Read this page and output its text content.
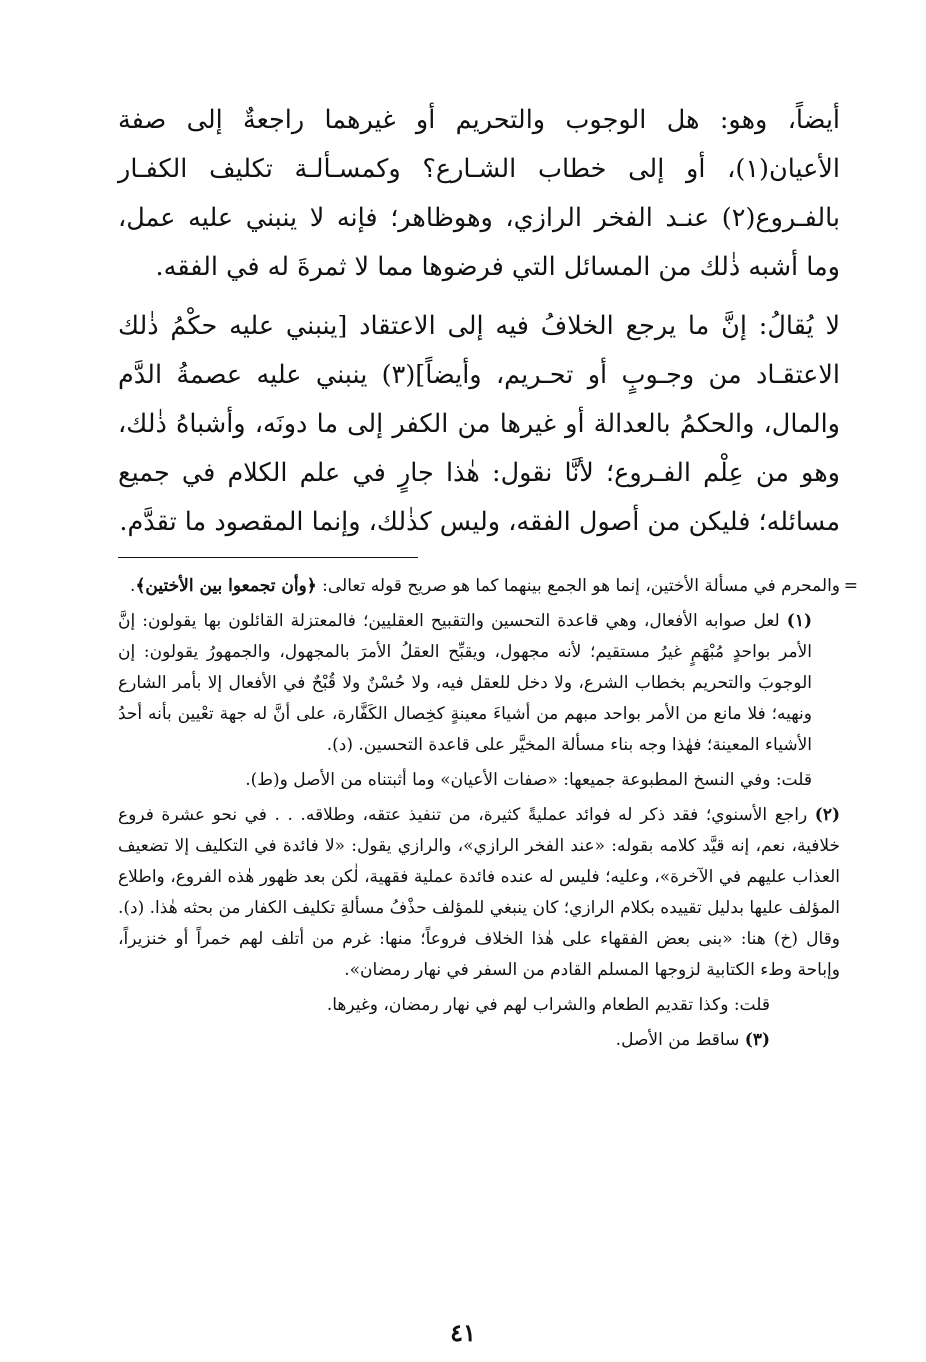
أيضاً، وهو: هل الوجوب والتحريم أو غيرهما راجعةٌ إلى صفة الأعيان(١)، أو إلى خطاب الشـارع؟ وكمسـألـة تكليف الكفـار بالفـروع(٢) عنـد الفخر الرازي، وهوظاهر؛ فإنه لا ينبني عليه عمل، وما أشبه ذٰلك من المسائل التي فرضوها مما لا ثمرةَ له في الفقه.

لا يُقالُ: إنَّ ما يرجع الخلافُ فيه إلى الاعتقاد [ينبني عليه حكْمُ ذٰلك الاعتقـاد من وجـوبٍ أو تحـريم، وأيضاً](٣) ينبني عليه عصمةُ الدَّم والمال، والحكمُ بالعدالة أو غيرها من الكفر إلى ما دونَه، وأشباهُ ذٰلك، وهو من عِلْم الفـروع؛ لأنَّا نقول: هٰذا جارٍ في علم الكلام في جميع مسائله؛ فليكن من أصول الفقه، وليس كذٰلك، وإنما المقصود ما تقدَّم.

=
والمحرم في مسألة الأختين، إنما هو الجمع بينهما كما هو صريح قوله تعالى: ﴿وأن تجمعوا بين الأختين﴾.
(١) لعل صوابه الأفعال، وهي قاعدة التحسين والتقبيح العقليين؛ فالمعتزلة القائلون بها يقولون: إنَّ الأمر بواحدٍ مُبْهَمٍ غيرُ مستقيم؛ لأنه مجهول، ويقبِّح العقلُ الأمرَ بالمجهول، والجمهورُ يقولون: إن الوجوبَ والتحريم بخطاب الشرع، ولا دخل للعقل فيه، ولا حُسْنٌ ولا قُبْحٌ في الأفعال إلا بأمر الشارع ونهيه؛ فلا مانع من الأمر بواحد مبهم من أشياءَ معينةٍ كخِصال الكَفَّارة، على أنَّ له جهة تعْيين بأنه أحدُ الأشياء المعينة؛ فهٰذا وجه بناء مسألة المخيَّر على قاعدة التحسين. (د).
قلت: وفي النسخ المطبوعة جميعها: «صفات الأعيان» وما أثبتناه من الأصل و(ط).
(٢) راجع الأسنوي؛ فقد ذكر له فوائد عمليةً كثيرة، من تنفيذ عتقه، وطلاقه. . . في نحو عشرة فروع خلافية، نعم، إنه قيَّد كلامه بقوله: «عند الفخر الرازي»، والرازي يقول: «لا فائدة في التكليف إلا تضعيف العذاب عليهم في الآخرة»، وعليه؛ فليس له عنده فائدة عملية فقهية، لٰكن بعد ظهور هٰذه الفروع، واطلاع المؤلف عليها بدليل تقييده بكلام الرازي؛ كان ينبغي للمؤلف حذْفُ مسألةِ تكليف الكفار من بحثه هٰذا. (د). وقال (خ) هنا: «بنى بعض الفقهاء على هٰذا الخلاف فروعاً؛ منها: غرم من أتلف لهم خمراً أو خنزيراً، وإباحة وطء الكتابية لزوجها المسلم القادم من السفر في نهار رمضان».
قلت: وكذا تقديم الطعام والشراب لهم في نهار رمضان، وغيرها.
(٣) ساقط من الأصل.
٤١
